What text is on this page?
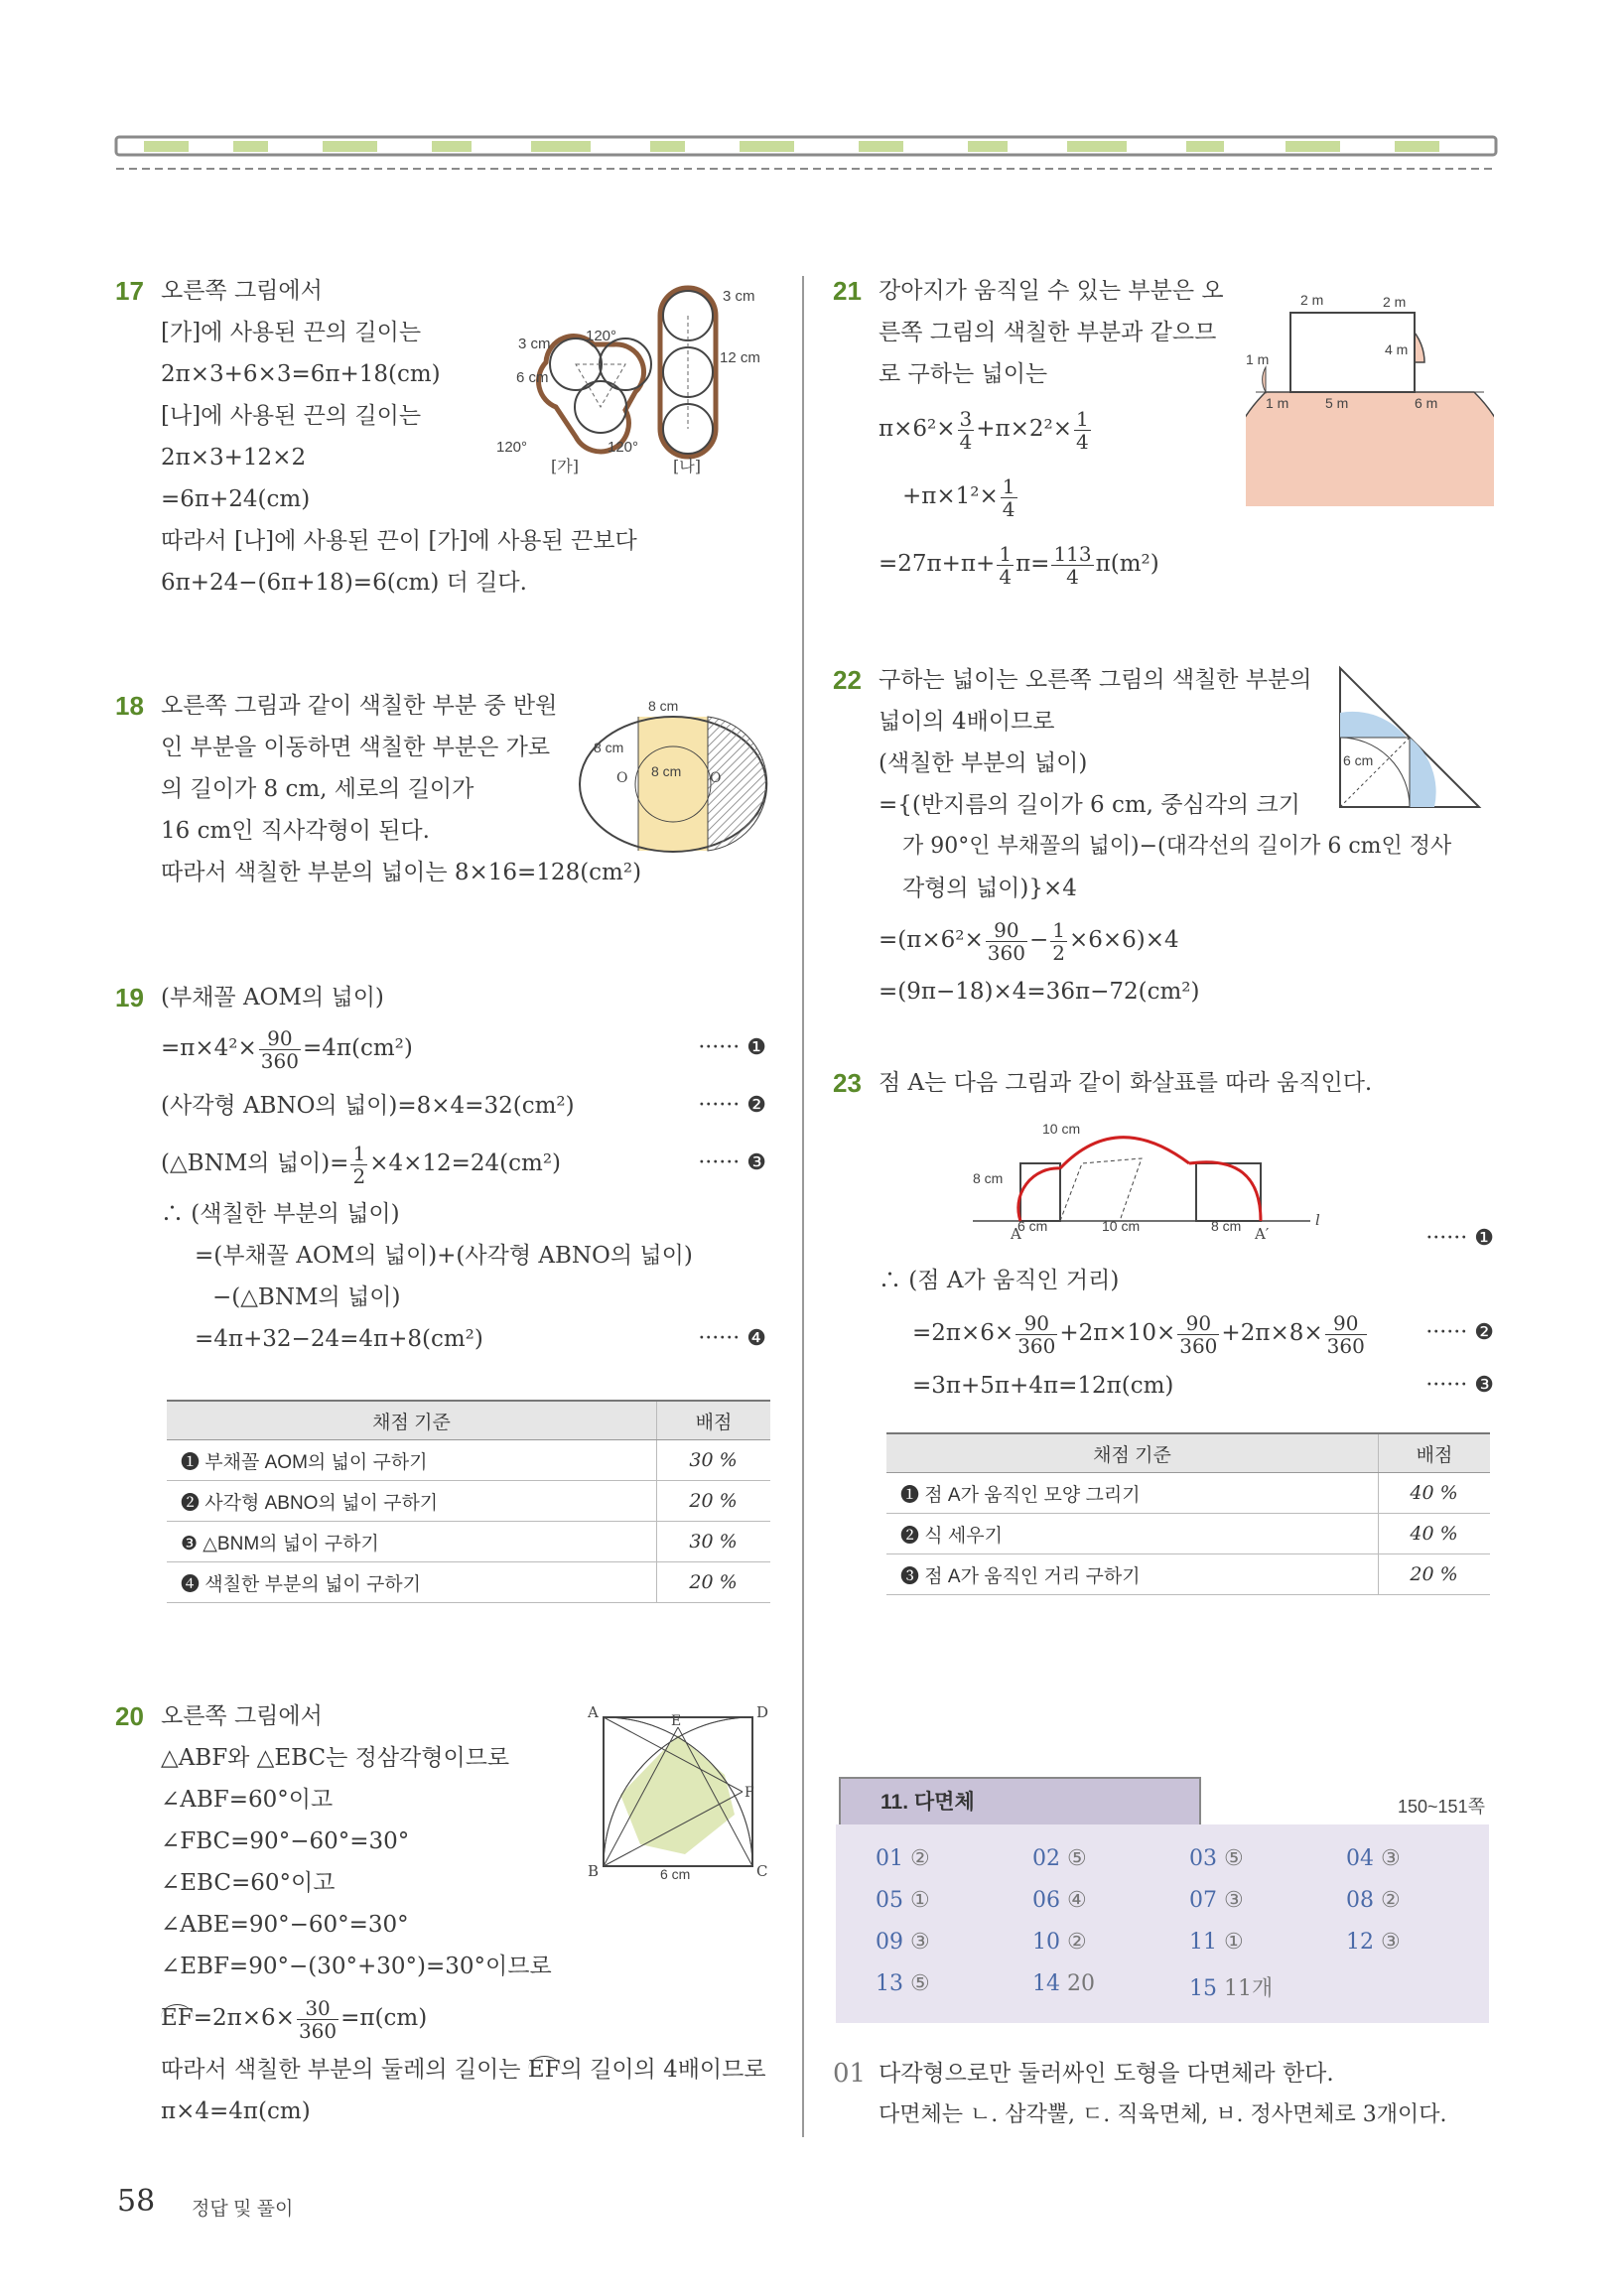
17 오른쪽 그림에서
[가]에 사용된 끈의 길이는
2π×3+6×3=6π+18(cm)
[나]에 사용된 끈의 길이는
2π×3+12×2
=6π+24(cm)
따라서 [나]에 사용된 끈이 [가]에 사용된 끈보다
6π+24−(6π+18)=6(cm) 더 길다.
6 cm
3 cm 120°
120°	120°
3 cm
12 cm
[가]	[나]
18 오른쪽 그림과 같이 색칠한 부분 중 반원
인 부분을 이동하면 색칠한 부분은 가로
의 길이가 8 cm, 세로의 길이가
16 cm인 직사각형이 된다.
따라서 색칠한 부분의 넓이는 8×16=128(cm²)
8 cm
8 cm
8 cm
O	O
19 (부채꼴 AOM의 넓이)
$=\pi\times 4^2\times \frac{90}{360} =4\pi(cm^2)$	······ ❶
(사각형 ABNO의 넓이)=8×4=32(cm²)	······ ❷
(△BNM의 넓이)= $\frac{1}{2} \times 4\times 12=24(cm^2)$	······ ❸
∴ (색칠한 부분의 넓이)
=(부채꼴 AOM의 넓이)+(사각형 ABNO의 넓이)
−(△BNM의 넓이)
=4π+32−24=4π+8(cm²)	······ ❹
채점 기준	배점
❶ 부채꼴 AOM의 넓이 구하기	30 %
❷ 사각형 ABNO의 넓이 구하기	20 %
❸ △BNM의 넓이 구하기	30 %
❹ 색칠한 부분의 넓이 구하기	20 %
20 오른쪽 그림에서
△ABF와 △EBC는 정삼각형이므로
∠ABF=60°이고
∠FBC=90°−60°=30°
∠EBC=60°이고
∠ABE=90°−60°=30°
∠EBF=90°−(30°+30°)=30°이므로
$EF=2\pi\times 6\times \frac{30}{360} =\pi(cm)$
따라서 색칠한 부분의 둘레의 길이는 EF의 길이의 4배이므로
π×4=4π(cm)
A	D
B	C
E
F
6 cm
21 강아지가 움직일 수 있는 부분은 오
른쪽 그림의 색칠한 부분과 같으므
로 구하는 넓이는
$\pi\times 6^2\times \frac{3}{4} +\pi\times 2^2\times \frac{1}{4}$
$+\pi\times 1^2\times \frac{1}{4}$
$=27\pi+\pi+ \frac{1}{4} \pi= \frac{113}{4} \pi(m^2)$
2 m	2 m
4 m
1 m
1 m	5 m	6 m
22 구하는 넓이는 오른쪽 그림의 색칠한 부분의
넓이의 4배이므로
(색칠한 부분의 넓이)
={(반지름의 길이가 6 cm, 중심각의 크기
가 90°인 부채꼴의 넓이)−(대각선의 길이가 6 cm인 정사
각형의 넓이)}×4
$=(\pi\times 6^2\times \frac{90}{360} - \frac{1}{2} \times 6\times 6)\times 4$
=(9π−18)×4=36π−72(cm²)
6 cm
23 점 A는 다음 그림과 같이 화살표를 따라 움직인다.
10 cm
8 cm
6 cm	10 cm	8 cm
A	A′
l
······ ❶
∴ (점 A가 움직인 거리)
$=2\pi\times 6\times \frac{90}{360} +2\pi\times 10\times \frac{90}{360} +2\pi\times 8\times \frac{90}{360}$	······ ❷
=3π+5π+4π=12π(cm)	······ ❸
채점 기준	배점
❶ 점 A가 움직인 모양 그리기	40 %
❷ 식 세우기	40 %
❸ 점 A가 움직인 거리 구하기	20 %
11. 다면체	150~151쪽
01 ②	02 ⑤	03 ⑤	04 ③
05 ①	06 ④	07 ③	08 ②
09 ③	10 ②	11 ①	12 ③
13 ⑤	14 20	15 11개
01 다각형으로만 둘러싸인 도형을 다면체라 한다.
다면체는 ㄴ. 삼각뿔, ㄷ. 직육면체, ㅂ. 정사면체로 3개이다.
58 정답 및 풀이
